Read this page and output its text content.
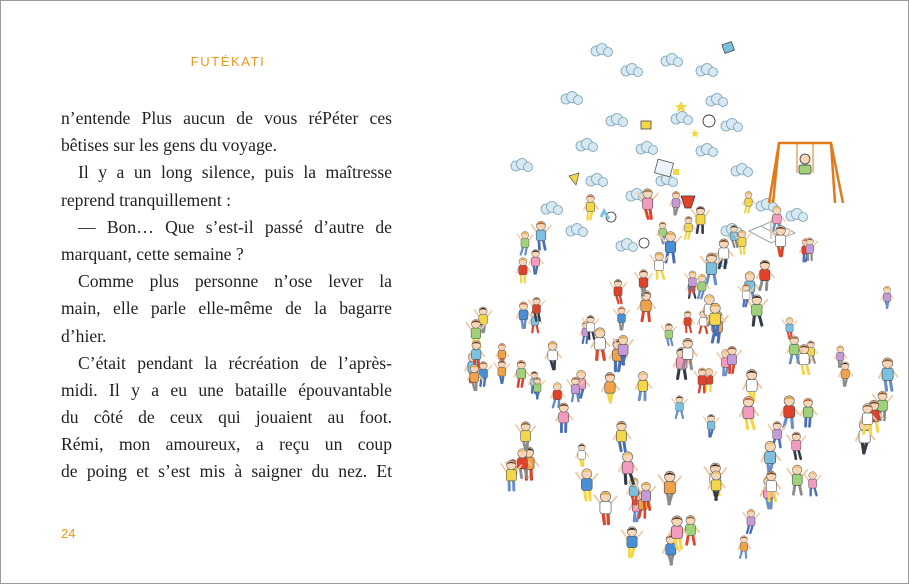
FUTÉKATI
n’entende Plus aucun de vous réPéter ces
bêtises sur les gens du voyage.
Il y a un long silence, puis la maîtresse
reprend tranquillement :
— Bon… Que s’est-il passé d’autre de
marquant, cette semaine ?
Comme plus personne n’ose lever la
main, elle parle elle-même de la bagarre
d’hier.
C’était pendant la récréation de l’après-
midi. Il y a eu une bataille épouvantable
du côté de ceux qui jouaient au foot.
Rémi, mon amoureux, a reçu un coup
de poing et s’est mis à saigner du nez. Et
24
